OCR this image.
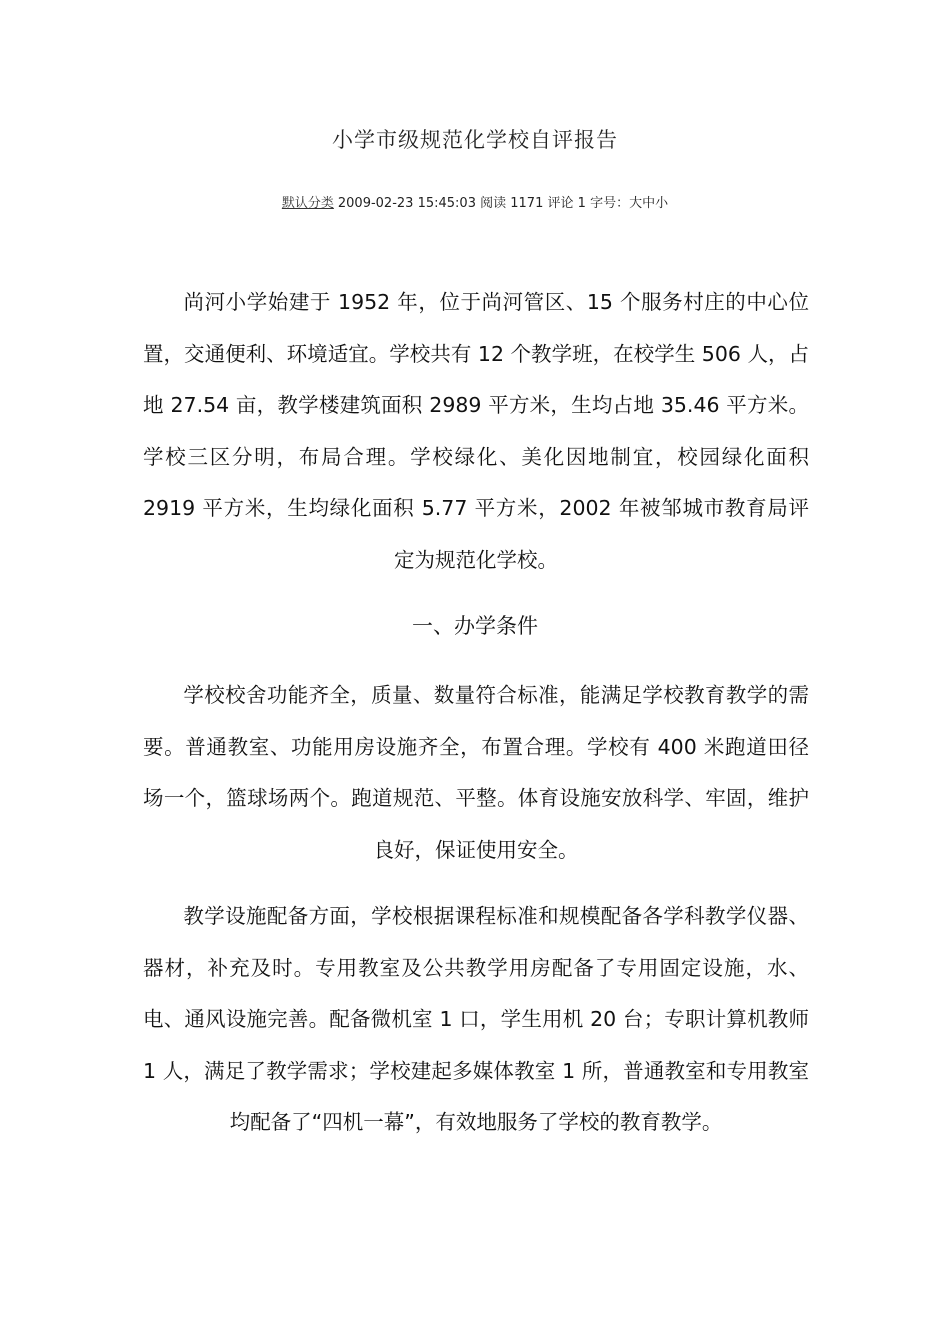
小学市级规范化学校自评报告
默认分类 2009-02-23 15:45:03 阅读 1171 评论 1 字号：大中小
尚河小学始建于 1952 年，位于尚河管区、15 个服务村庄的中心位置，交通便利、环境适宜。学校共有 12 个教学班，在校学生 506 人，占地 27.54 亩，教学楼建筑面积 2989 平方米，生均占地 35.46 平方米。学校三区分明，布局合理。学校绿化、美化因地制宜，校园绿化面积 2919 平方米，生均绿化面积 5.77 平方米，2002 年被邹城市教育局评定为规范化学校。
一、办学条件
学校校舍功能齐全，质量、数量符合标准，能满足学校教育教学的需要。普通教室、功能用房设施齐全，布置合理。学校有 400 米跑道田径场一个，篮球场两个。跑道规范、平整。体育设施安放科学、牢固，维护良好，保证使用安全。
教学设施配备方面，学校根据课程标准和规模配备各学科教学仪器、器材，补充及时。专用教室及公共教学用房配备了专用固定设施，水、电、通风设施完善。配备微机室 1 口，学生用机 20 台；专职计算机教师 1 人，满足了教学需求；学校建起多媒体教室 1 所，普通教室和专用教室均配备了“四机一幕”，有效地服务了学校的教育教学。
